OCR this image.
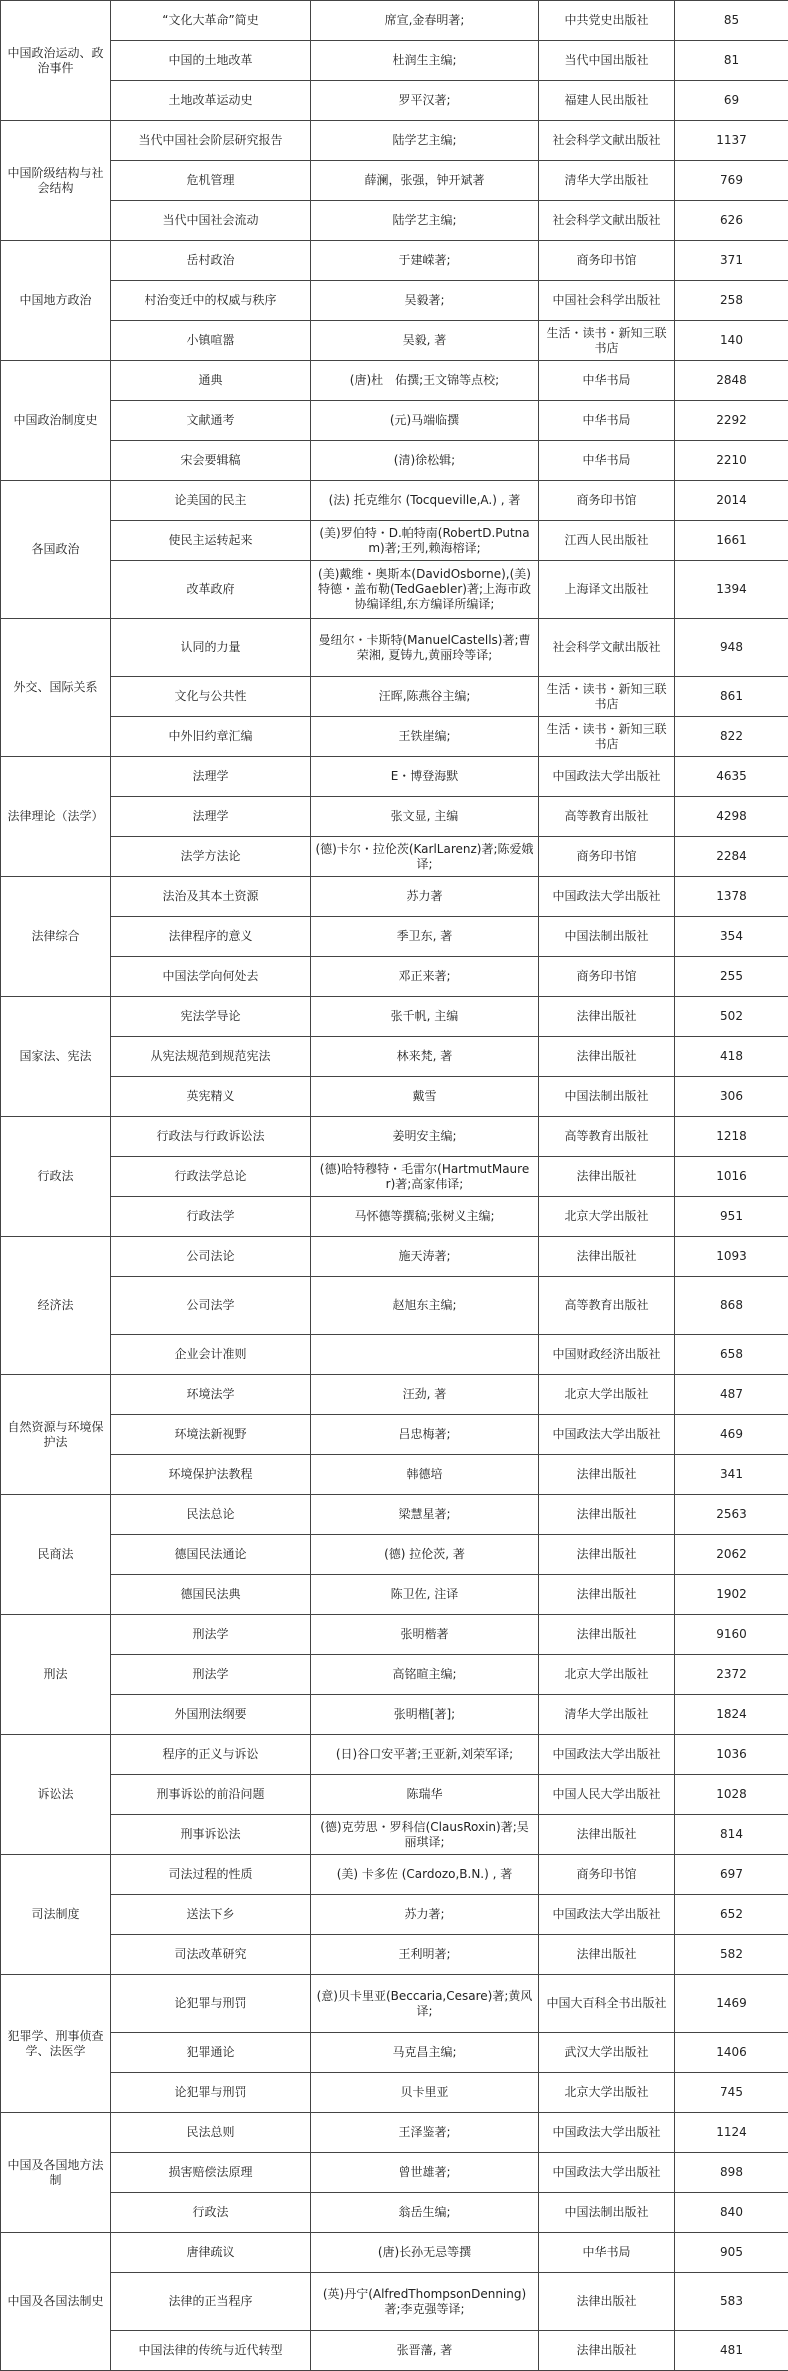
中国政治运动、政治事件	“文化大革命”简史	席宣,金春明著;	中共党史出版社	85
	中国的土地改革	杜润生主编;	当代中国出版社	81
	土地改革运动史	罗平汉著;	福建人民出版社	69
中国阶级结构与社会结构	当代中国社会阶层研究报告	陆学艺主编;	社会科学文献出版社	1137
	危机管理	薛澜，张强，钟开斌著	清华大学出版社	769
	当代中国社会流动	陆学艺主编;	社会科学文献出版社	626
中国地方政治	岳村政治	于建嵘著;	商务印书馆	371
	村治变迁中的权威与秩序	吴毅著;	中国社会科学出版社	258
	小镇喧嚣	吴毅, 著	生活・读书・新知三联书店	140
中国政治制度史	通典	(唐)杜　佑撰;王文锦等点校;	中华书局	2848
	文献通考	(元)马端临撰	中华书局	2292
	宋会要辑稿	(清)徐松辑;	中华书局	2210
各国政治	论美国的民主	(法) 托克维尔 (Tocqueville,A.) , 著	商务印书馆	2014
	使民主运转起来	(美)罗伯特・D.帕特南(RobertD.Putnam)著;王列,赖海榕译;	江西人民出版社	1661
	改革政府	(美)戴维・奥斯本(DavidOsborne),(美)特德・盖布勒(TedGaebler)著;上海市政协编译组,东方编译所编译;	上海译文出版社	1394
外交、国际关系	认同的力量	曼纽尔・卡斯特(ManuelCastells)著;曹荣湘, 夏铸九,黄丽玲等译;	社会科学文献出版社	948
	文化与公共性	汪晖,陈燕谷主编;	生活・读书・新知三联书店	861
	中外旧约章汇编	王铁崖编;	生活・读书・新知三联书店	822
法律理论（法学）	法理学	E・博登海默	中国政法大学出版社	4635
	法理学	张文显, 主编	高等教育出版社	4298
	法学方法论	(德)卡尔・拉伦茨(KarlLarenz)著;陈爱娥译;	商务印书馆	2284
法律综合	法治及其本土资源	苏力著	中国政法大学出版社	1378
	法律程序的意义	季卫东, 著	中国法制出版社	354
	中国法学向何处去	邓正来著;	商务印书馆	255
国家法、宪法	宪法学导论	张千帆, 主编	法律出版社	502
	从宪法规范到规范宪法	林来梵, 著	法律出版社	418
	英宪精义	戴雪	中国法制出版社	306
行政法	行政法与行政诉讼法	姜明安主编;	高等教育出版社	1218
	行政法学总论	(德)哈特穆特・毛雷尔(HartmutMaurer)著;高家伟译;	法律出版社	1016
	行政法学	马怀德等撰稿;张树义主编;	北京大学出版社	951
经济法	公司法论	施天涛著;	法律出版社	1093
	公司法学	赵旭东主编;	高等教育出版社	868
	企业会计准则		中国财政经济出版社	658
自然资源与环境保护法	环境法学	汪劲, 著	北京大学出版社	487
	环境法新视野	吕忠梅著;	中国政法大学出版社	469
	环境保护法教程	韩德培	法律出版社	341
民商法	民法总论	梁慧星著;	法律出版社	2563
	德国民法通论	(德) 拉伦茨, 著	法律出版社	2062
	德国民法典	陈卫佐, 注译	法律出版社	1902
刑法	刑法学	张明楷著	法律出版社	9160
	刑法学	高铭暄主编;	北京大学出版社	2372
	外国刑法纲要	张明楷[著];	清华大学出版社	1824
诉讼法	程序的正义与诉讼	(日)谷口安平著;王亚新,刘荣军译;	中国政法大学出版社	1036
	刑事诉讼的前沿问题	陈瑞华	中国人民大学出版社	1028
	刑事诉讼法	(德)克劳思・罗科信(ClausRoxin)著;吴丽琪译;	法律出版社	814
司法制度	司法过程的性质	(美) 卡多佐 (Cardozo,B.N.) , 著	商务印书馆	697
	送法下乡	苏力著;	中国政法大学出版社	652
	司法改革研究	王利明著;	法律出版社	582
犯罪学、刑事侦查学、法医学	论犯罪与刑罚	(意)贝卡里亚(Beccaria,Cesare)著;黄风译;	中国大百科全书出版社	1469
	犯罪通论	马克昌主编;	武汉大学出版社	1406
	论犯罪与刑罚	贝卡里亚	北京大学出版社	745
中国及各国地方法制	民法总则	王泽鉴著;	中国政法大学出版社	1124
	损害赔偿法原理	曾世雄著;	中国政法大学出版社	898
	行政法	翁岳生编;	中国法制出版社	840
中国及各国法制史	唐律疏议	(唐)长孙无忌等撰	中华书局	905
	法律的正当程序	(英)丹宁(AlfredThompsonDenning)著;李克强等译;	法律出版社	583
	中国法律的传统与近代转型	张晋藩, 著	法律出版社	481
